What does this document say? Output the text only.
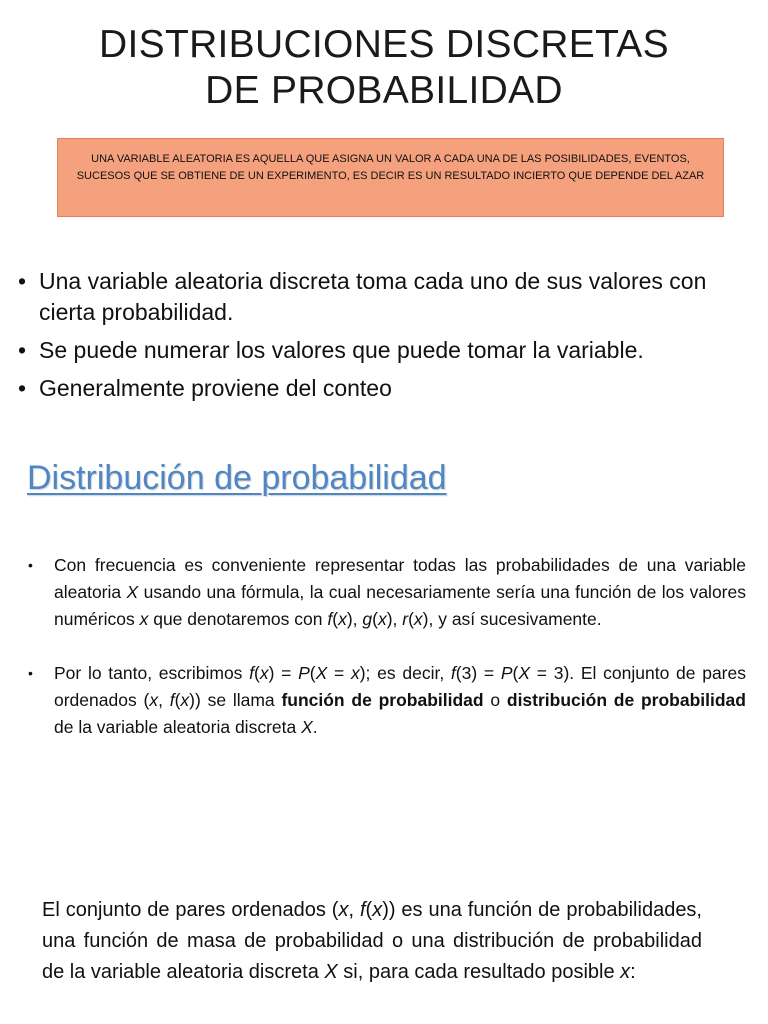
DISTRIBUCIONES DISCRETAS
DE PROBABILIDAD
UNA VARIABLE ALEATORIA ES AQUELLA QUE ASIGNA UN VALOR A CADA UNA DE LAS POSIBILIDADES, EVENTOS, SUCESOS QUE SE OBTIENE DE UN EXPERIMENTO, ES DECIR ES UN RESULTADO INCIERTO QUE DEPENDE DEL AZAR
• Una variable aleatoria discreta toma cada uno de sus valores con cierta probabilidad.
• Se puede numerar los valores que puede tomar la variable.
• Generalmente proviene del conteo
Distribución de probabilidad
• Con frecuencia es conveniente representar todas las probabilidades de una variable aleatoria X usando una fórmula, la cual necesariamente sería una función de los valores numéricos x que denotaremos con f(x), g(x), r(x), y así sucesivamente.
• Por lo tanto, escribimos f(x) = P(X = x); es decir, f(3) = P(X = 3). El conjunto de pares ordenados (x, f(x)) se llama función de probabilidad o distribución de probabilidad de la variable aleatoria discreta X.
El conjunto de pares ordenados (x, f(x)) es una función de probabilidades, una función de masa de probabilidad o una distribución de probabilidad de la variable aleatoria discreta X si, para cada resultado posible x:
